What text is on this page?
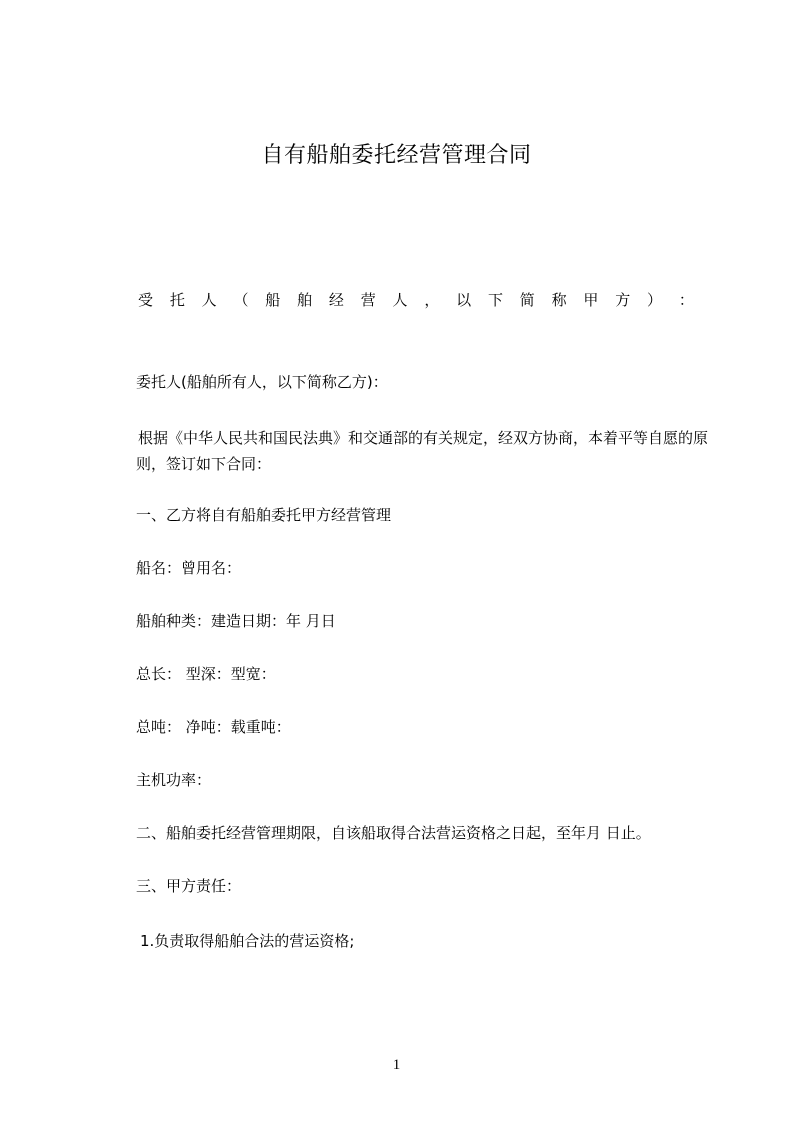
自有船舶委托经营管理合同
受 托 人 （ 船 舶 经 营 人 ， 以 下 简 称 甲 方 ） ：
委托人(船舶所有人，以下简称乙方)：
根据《中华人民共和国民法典》和交通部的有关规定，经双方协商，本着平等自愿的原则，签订如下合同：
一、乙方将自有船舶委托甲方经营管理
船名：曾用名：
船舶种类：建造日期：年 月日
总长： 型深：型宽：
总吨： 净吨：载重吨：
主机功率：
二、船舶委托经营管理期限，自该船取得合法营运资格之日起，至年月 日止。
三、甲方责任：
1.负责取得船舶合法的营运资格;
1
